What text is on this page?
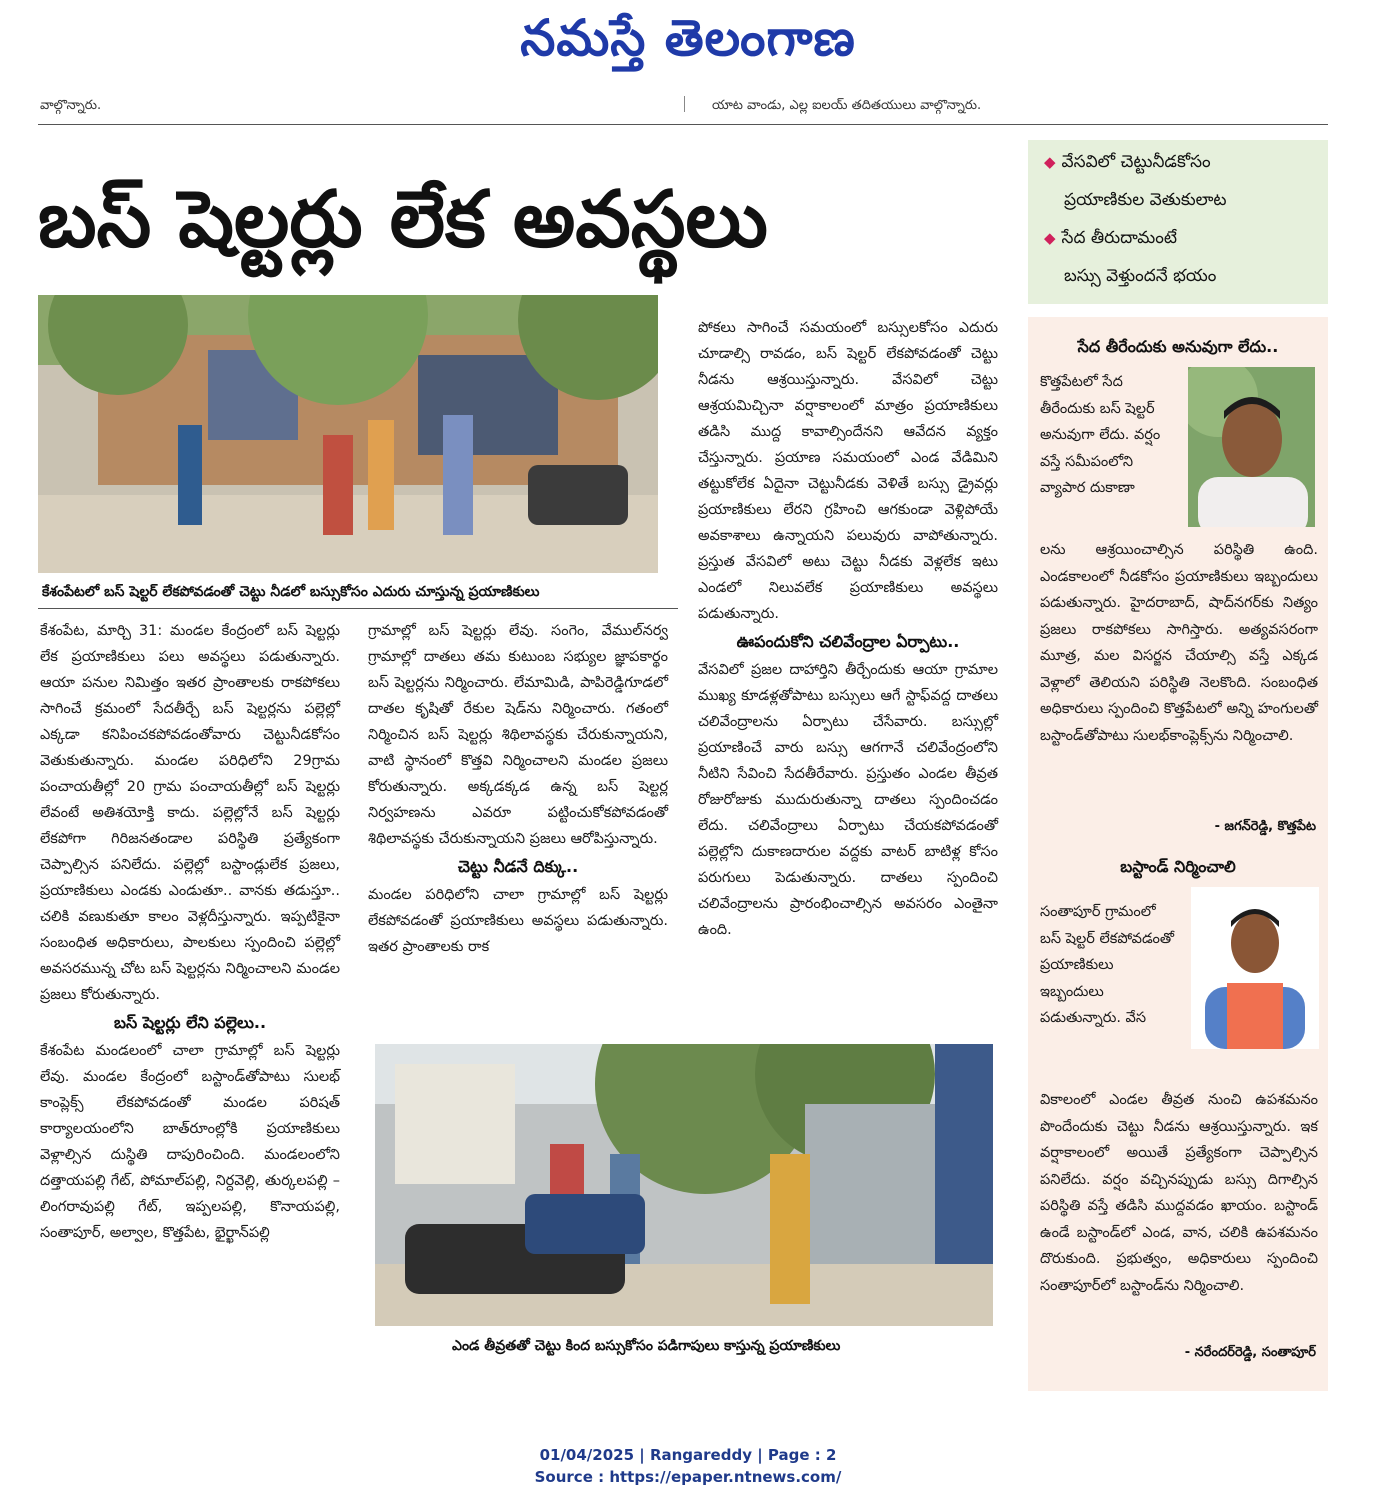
నమస్తే తెలంగాణ
వాల్గొన్నారు.	యాట వాండు, ఎల్ల ఐలయ్ తదితయులు వాల్గొన్నారు.
బస్ షెల్టర్లు లేక అవస్థలు
◆ వేసవిలో చెట్టునీడకోసం
ప్రయాణికుల వెతుకులాట
◆ సేద తీరుదామంటే
బస్సు వెళ్తుందనే భయం
కేశంపేటలో బస్ షెల్టర్ లేకపోవడంతో చెట్టు నీడలో బస్సుకోసం ఎదురు చూస్తున్న ప్రయాణికులు

కేశంపేట, మార్చి 31: మండల కేంద్రంలో బస్ షెల్టర్లు లేక ప్రయాణికులు పలు అవస్థలు పడుతున్నారు. ఆయా పనుల నిమిత్తం ఇతర ప్రాంతాలకు రాకపోకలు సాగించే క్రమంలో సేదతీర్చే బస్ షెల్టర్లను పల్లెల్లో ఎక్కడా కనిపించకపోవడంతోవారు చెట్టునీడకోసం వెతుకుతున్నారు. మండల పరిధిలోని 29గ్రామ పంచాయతీల్లో 20 గ్రామ పంచాయతీల్లో బస్ షెల్టర్లు లేవంటే అతిశయోక్తి కాదు. పల్లెల్లోనే బస్ షెల్టర్లు లేకపోగా గిరిజనతండాల పరిస్థితి ప్రత్యేకంగా చెప్పాల్సిన పనిలేదు. పల్లెల్లో బస్టాండ్లులేక ప్రజలు, ప్రయాణికులు ఎండకు ఎండుతూ.. వానకు తడుస్తూ.. చలికి వణుకుతూ కాలం వెళ్లదీస్తున్నారు. ఇప్పటికైనా సంబంధిత అధికారులు, పాలకులు స్పందించి పల్లెల్లో అవసరమున్న చోట బస్ షెల్టర్లను నిర్మించాలని మండల ప్రజలు కోరుతున్నారు.

బస్ షెల్టర్లు లేని పల్లెలు..

కేశంపేట మండలంలో చాలా గ్రామాల్లో బస్ షెల్టర్లు లేవు. మండల కేంద్రంలో బస్టాండ్‌తోపాటు సులభ్ కాంప్లెక్స్ లేకపోవడంతో మండల పరిషత్ కార్యాలయంలోని బాత్‌రూంల్లోకి ప్రయాణికులు వెళ్లాల్సిన దుస్థితి దాపురించింది. మండలంలోని దత్తాయపల్లి గేట్, పోమాల్‌పల్లి, నిర్దవెల్లి, తుర్కలపల్లి – లింగరావుపల్లి గేట్, ఇప్పలపల్లి, కొనాయపల్లి, సంతాపూర్, అల్వాల, కొత్తపేట, భైర్ఖాన్‌పల్లి

గ్రామాల్లో బస్ షెల్టర్లు లేవు. సంగెం, వేముల్‌నర్వ గ్రామాల్లో దాతలు తమ కుటుంబ సభ్యుల జ్ఞాపకార్థం బస్ షెల్టర్లను నిర్మించారు. లేమామిడి, పాపిరెడ్డిగూడలో దాతల కృషితో రేకుల షెడ్‌ను నిర్మించారు. గతంలో నిర్మించిన బస్ షెల్టర్లు శిథిలావస్థకు చేరుకున్నాయని, వాటి స్థానంలో కొత్తవి నిర్మించాలని మండల ప్రజలు కోరుతున్నారు. అక్కడక్కడ ఉన్న బస్ షెల్టర్ల నిర్వహణను ఎవరూ పట్టించుకోకపోవడంతో శిథిలావస్థకు చేరుకున్నాయని ప్రజలు ఆరోపిస్తున్నారు.

చెట్టు నీడనే దిక్కు..

మండల పరిధిలోని చాలా గ్రామాల్లో బస్ షెల్టర్లు లేకపోవడంతో ప్రయాణికులు అవస్థలు పడుతున్నారు. ఇతర ప్రాంతాలకు రాక

పోకలు సాగించే సమయంలో బస్సులకోసం ఎదురు చూడాల్సి రావడం, బస్ షెల్టర్ లేకపోవడంతో చెట్టు నీడను ఆశ్రయిస్తున్నారు. వేసవిలో చెట్టు ఆశ్రయమిచ్చినా వర్షాకాలంలో మాత్రం ప్రయాణికులు తడిసి ముద్ద కావాల్సిందేనని ఆవేదన వ్యక్తం చేస్తున్నారు. ప్రయాణ సమయంలో ఎండ వేడిమిని తట్టుకోలేక ఏదైనా చెట్టునీడకు వెళితే బస్సు డ్రైవర్లు ప్రయాణికులు లేరని గ్రహించి ఆగకుండా వెళ్లిపోయే అవకాశాలు ఉన్నాయని పలువురు వాపోతున్నారు. ప్రస్తుత వేసవిలో అటు చెట్టు నీడకు వెళ్లలేక ఇటు ఎండలో నిలువలేక ప్రయాణికులు అవస్థలు పడుతున్నారు.

ఊపందుకోని చలివేంద్రాల ఏర్పాటు..

వేసవిలో ప్రజల దాహార్తిని తీర్చేందుకు ఆయా గ్రామాల ముఖ్య కూడళ్లతోపాటు బస్సులు ఆగే స్టాఫ్‌వద్ద దాతలు చలివేంద్రాలను ఏర్పాటు చేసేవారు. బస్సుల్లో ప్రయాణించే వారు బస్సు ఆగగానే చలివేంద్రంలోని నీటిని సేవించి సేదతీరేవారు. ప్రస్తుతం ఎండల తీవ్రత రోజురోజుకు ముదురుతున్నా దాతలు స్పందించడం లేదు. చలివేంద్రాలు ఏర్పాటు చేయకపోవడంతో పల్లెల్లోని దుకాణదారుల వద్దకు వాటర్ బాటిళ్ల కోసం పరుగులు పెడుతున్నారు. దాతలు స్పందించి చలివేంద్రాలను ప్రారంభించాల్సిన అవసరం ఎంతైనా ఉంది.

ఎండ తీవ్రతతో చెట్టు కింద బస్సుకోసం పడిగాపులు కాస్తున్న ప్రయాణికులు
సేద తీరేందుకు అనువుగా లేదు..
కొత్తపేటలో సేద తీరేందుకు బస్ షెల్టర్ అనువుగా లేదు. వర్షం వస్తే సమీపంలోని వ్యాపార దుకాణా
లను ఆశ్రయించాల్సిన పరిస్థితి ఉంది. ఎండకాలంలో నీడకోసం ప్రయాణికులు ఇబ్బందులు పడుతున్నారు. హైదరాబాద్, షాద్‌నగర్‌కు నిత్యం ప్రజలు రాకపోకలు సాగిస్తారు. అత్యవసరంగా మూత్ర, మల విసర్జన చేయాల్సి వస్తే ఎక్కడ వెళ్లాలో తెలియని పరిస్థితి నెలకొంది. సంబంధిత అధికారులు స్పందించి కొత్తపేటలో అన్ని హంగులతో బస్టాండ్‌తోపాటు సులభ్‌కాంప్లెక్స్‌ను నిర్మించాలి.
- జగన్‌రెడ్డి, కొత్తపేట
బస్టాండ్ నిర్మించాలి
సంతాపూర్ గ్రామంలో బస్ షెల్టర్ లేకపోవడంతో ప్రయాణికులు ఇబ్బందులు పడుతున్నారు. వేస
వికాలంలో ఎండల తీవ్రత నుంచి ఉపశమనం పొందేందుకు చెట్టు నీడను ఆశ్రయిస్తున్నారు. ఇక వర్షాకాలంలో అయితే ప్రత్యేకంగా చెప్పాల్సిన పనిలేదు. వర్షం వచ్చినప్పుడు బస్సు దిగాల్సిన పరిస్థితి వస్తే తడిసి ముద్దవడం ఖాయం. బస్టాండ్ ఉండే బస్టాండ్‌లో ఎండ, వాన, చలికి ఉపశమనం దొరుకుంది. ప్రభుత్వం, అధికారులు స్పందించి సంతాపూర్‌లో బస్టాండ్‌ను నిర్మించాలి.
- నరేందర్‌రెడ్డి, సంతాపూర్
01/04/2025 | Rangareddy | Page : 2
Source : https://epaper.ntnews.com/
